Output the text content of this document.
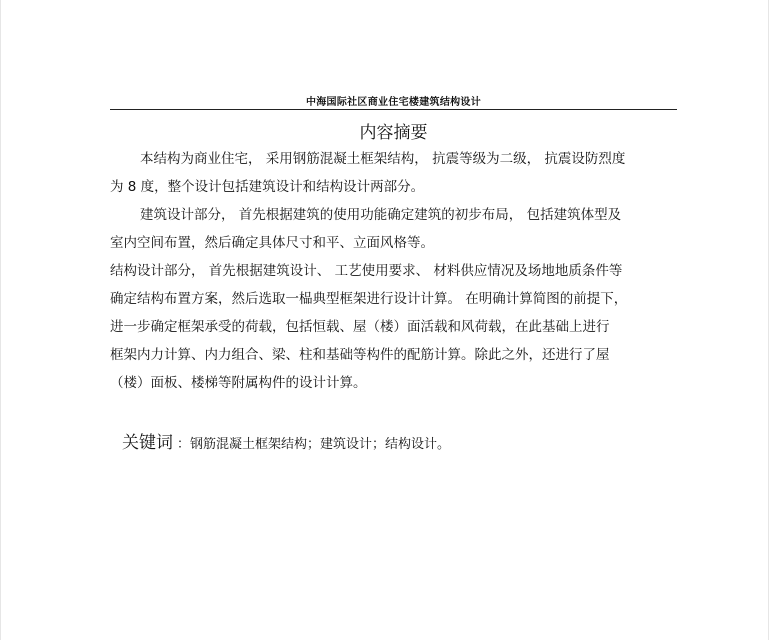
中海国际社区商业住宅楼建筑结构设计
内容摘要
本结构为商业住宅， 采用钢筋混凝土框架结构， 抗震等级为二级， 抗震设防烈度
为 8 度，整个设计包括建筑设计和结构设计两部分。
建筑设计部分， 首先根据建筑的使用功能确定建筑的初步布局， 包括建筑体型及
室内空间布置，然后确定具体尺寸和平、立面风格等。
结构设计部分， 首先根据建筑设计、 工艺使用要求、 材料供应情况及场地地质条件等
确定结构布置方案，然后选取一榀典型框架进行设计计算。 在明确计算简图的前提下，
进一步确定框架承受的荷载，包括恒载、屋（楼）面活载和风荷载，在此基础上进行
框架内力计算、内力组合、梁、柱和基础等构件的配筋计算。除此之外，还进行了屋
（楼）面板、楼梯等附属构件的设计计算。
关键词 ：钢筋混凝土框架结构；建筑设计；结构设计。
